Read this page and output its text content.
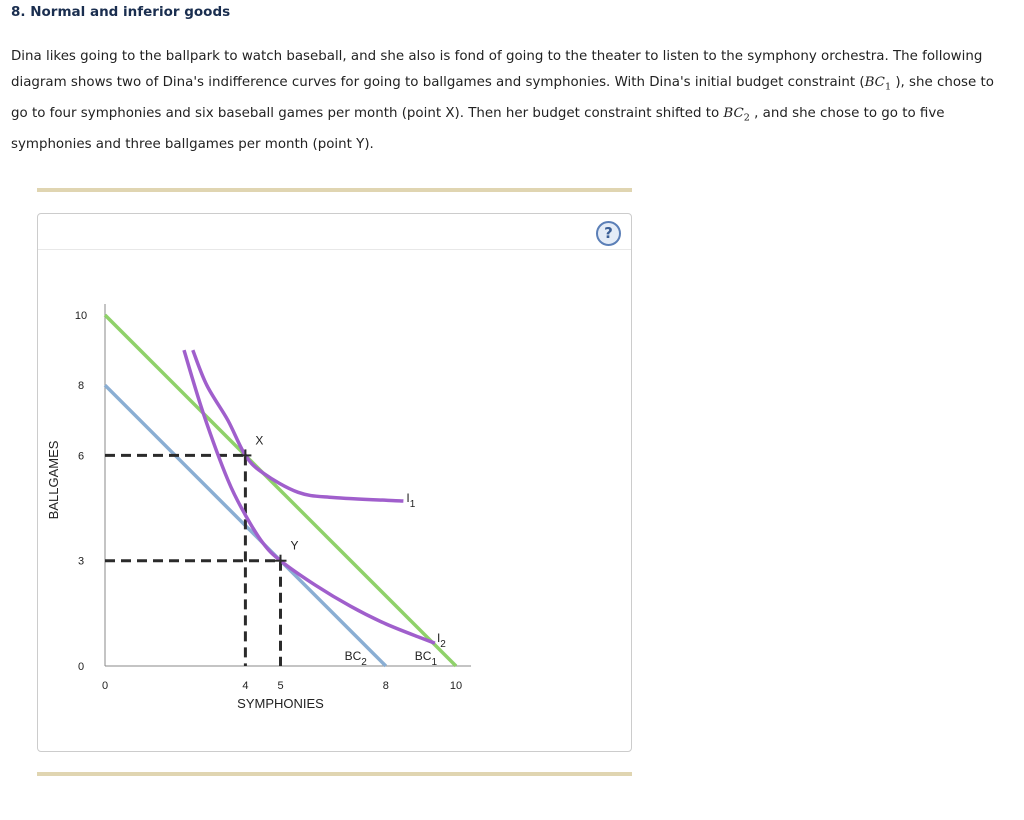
8. Normal and inferior goods
Dina likes going to the ballpark to watch baseball, and she also is fond of going to the theater to listen to the symphony orchestra. The following diagram shows two of Dina's indifference curves for going to ballgames and symphonies. With Dina's initial budget constraint ($BC_1$ ), she chose to go to four symphonies and six baseball games per month (point X). Then her budget constraint shifted to $BC_2$ , and she chose to go to five symphonies and three ballgames per month (point Y).
?
BALLGAMES
SYMPHONIES
0
3
6
8
10
0	4	5	8	10
X
Y
$I_1$
$I_2$
$BC_2$	$BC_1$
